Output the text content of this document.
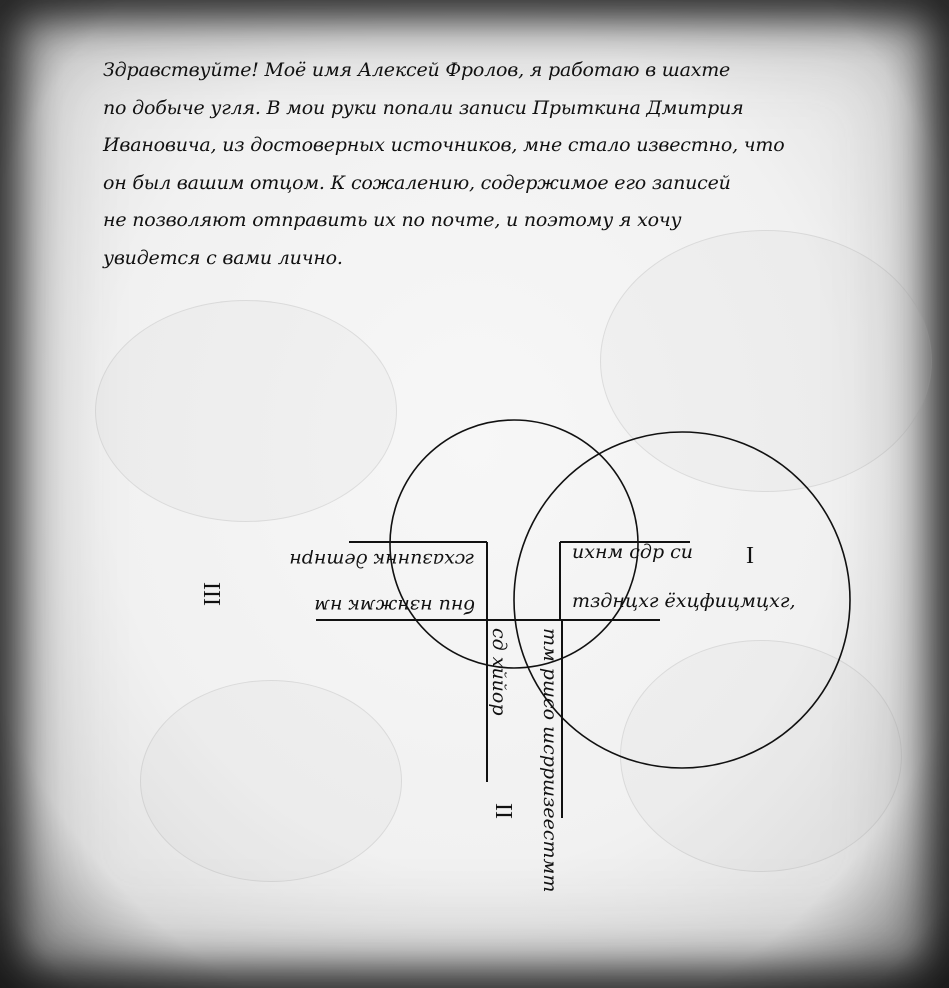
Здравствуйте! Моё имя Алексей Фролов, я работаю в шахте
по добыче угля. В мои руки попали записи Прыткина Дмитрия
Ивановича, из достоверных источников, мне стало известно, что
он был вашим отцом. К сожалению, содержимое его записей
не позволяют отправить их по почте, и поэтому я хочу
увидется с вами лично.

ихнм сдр си
тзднцхг ёхцфицмцхг,
I
гсхазиннк детнрн
бни нзнжмк нм
III
тм ршсо шсрршзеестмт
сд хййор
II
